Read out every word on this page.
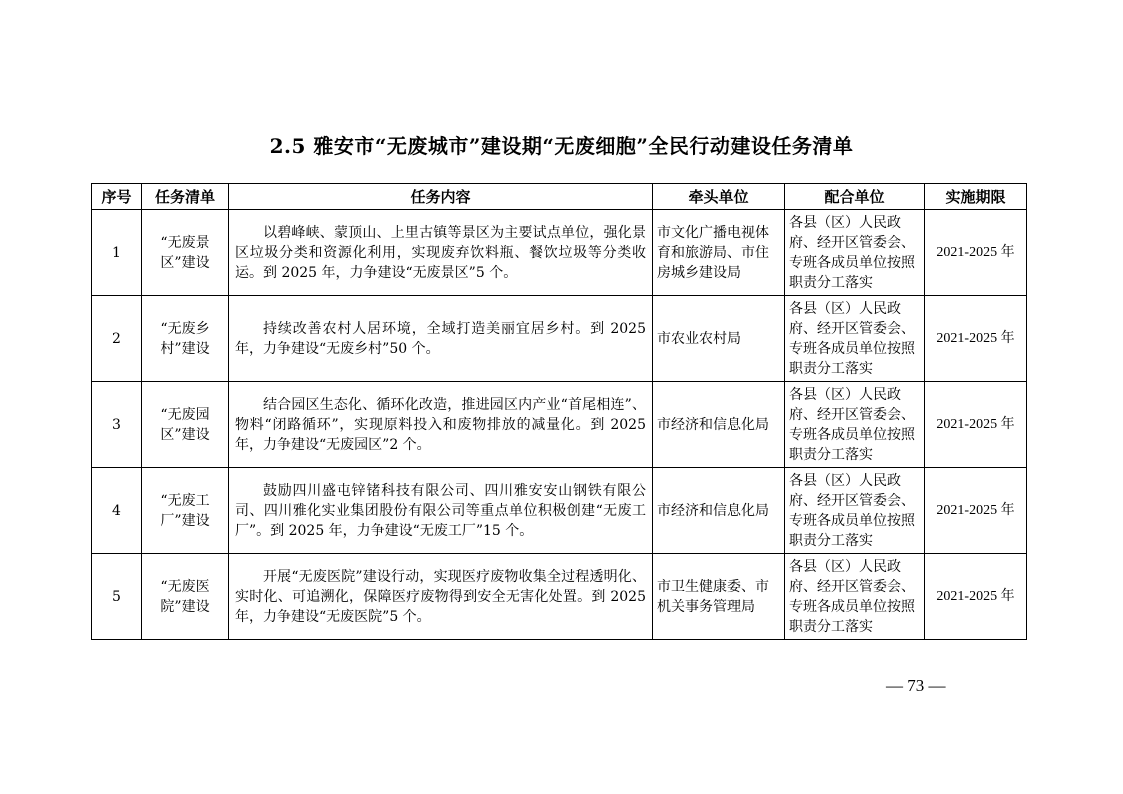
2.5 雅安市“无废城市”建设期“无废细胞”全民行动建设任务清单
序号	任务清单	任务内容	牵头单位	配合单位	实施期限
1	“无废景区”建设	以碧峰峡、蒙顶山、上里古镇等景区为主要试点单位，强化景区垃圾分类和资源化利用，实现废弃饮料瓶、餐饮垃圾等分类收运。到 2025 年，力争建设“无废景区”5 个。	市文化广播电视体育和旅游局、市住房城乡建设局	各县（区）人民政府、经开区管委会、专班各成员单位按照职责分工落实	2021-2025 年
2	“无废乡村”建设	持续改善农村人居环境，全域打造美丽宜居乡村。到 2025 年，力争建设“无废乡村”50 个。	市农业农村局	各县（区）人民政府、经开区管委会、专班各成员单位按照职责分工落实	2021-2025 年
3	“无废园区”建设	结合园区生态化、循环化改造，推进园区内产业“首尾相连”、物料“闭路循环”，实现原料投入和废物排放的减量化。到 2025 年，力争建设“无废园区”2 个。	市经济和信息化局	各县（区）人民政府、经开区管委会、专班各成员单位按照职责分工落实	2021-2025 年
4	“无废工厂”建设	鼓励四川盛屯锌锗科技有限公司、四川雅安安山钢铁有限公司、四川雅化实业集团股份有限公司等重点单位积极创建“无废工厂”。到 2025 年，力争建设“无废工厂”15 个。	市经济和信息化局	各县（区）人民政府、经开区管委会、专班各成员单位按照职责分工落实	2021-2025 年
5	“无废医院”建设	开展“无废医院”建设行动，实现医疗废物收集全过程透明化、实时化、可追溯化，保障医疗废物得到安全无害化处置。到 2025 年，力争建设“无废医院”5 个。	市卫生健康委、市机关事务管理局	各县（区）人民政府、经开区管委会、专班各成员单位按照职责分工落实	2021-2025 年
— 73 —
